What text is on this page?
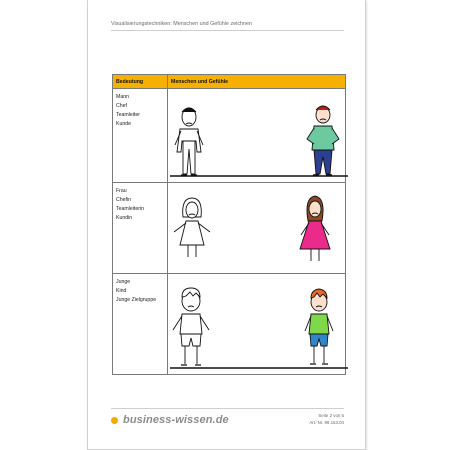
Visualisierungstechniken: Menschen und Gefühle zeichnen
Bedeutung	Menschen und Gefühle

Mann
Chef
Teamleiter
Kunde

Frau
Chefin
Teamleiterin
Kundin

Junge
Kind
Junge Zielgruppe

business-wissen.de	Seite 2 von 5
Art.-Nr. 99.153.04
